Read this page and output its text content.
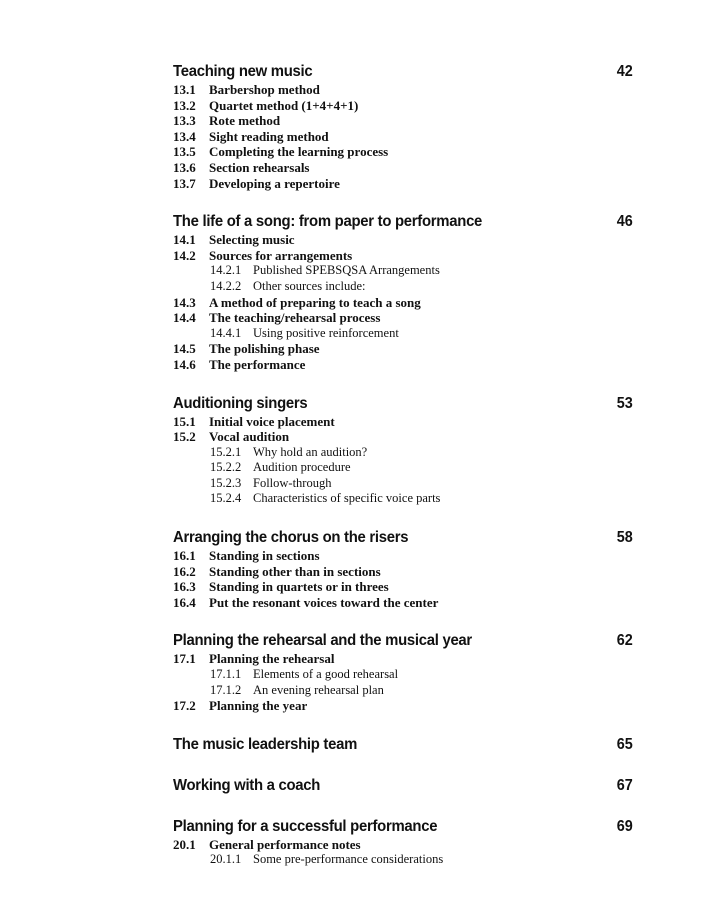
Teaching new music	42
13.1 Barbershop method
13.2 Quartet method (1+4+4+1)
13.3 Rote method
13.4 Sight reading method
13.5 Completing the learning process
13.6 Section rehearsals
13.7 Developing a repertoire
The life of a song: from paper to performance	46
14.1 Selecting music
14.2 Sources for arrangements
14.2.1 Published SPEBSQSA Arrangements
14.2.2 Other sources include:
14.3 A method of preparing to teach a song
14.4 The teaching/rehearsal process
14.4.1 Using positive reinforcement
14.5 The polishing phase
14.6 The performance
Auditioning singers	53
15.1 Initial voice placement
15.2 Vocal audition
15.2.1 Why hold an audition?
15.2.2 Audition procedure
15.2.3 Follow-through
15.2.4 Characteristics of specific voice parts
Arranging the chorus on the risers	58
16.1 Standing in sections
16.2 Standing other than in sections
16.3 Standing in quartets or in threes
16.4 Put the resonant voices toward the center
Planning the rehearsal and the musical year	62
17.1 Planning the rehearsal
17.1.1 Elements of a good rehearsal
17.1.2 An evening rehearsal plan
17.2 Planning the year
The music leadership team	65
Working with a coach	67
Planning for a successful performance	69
20.1 General performance notes
20.1.1 Some pre-performance considerations
